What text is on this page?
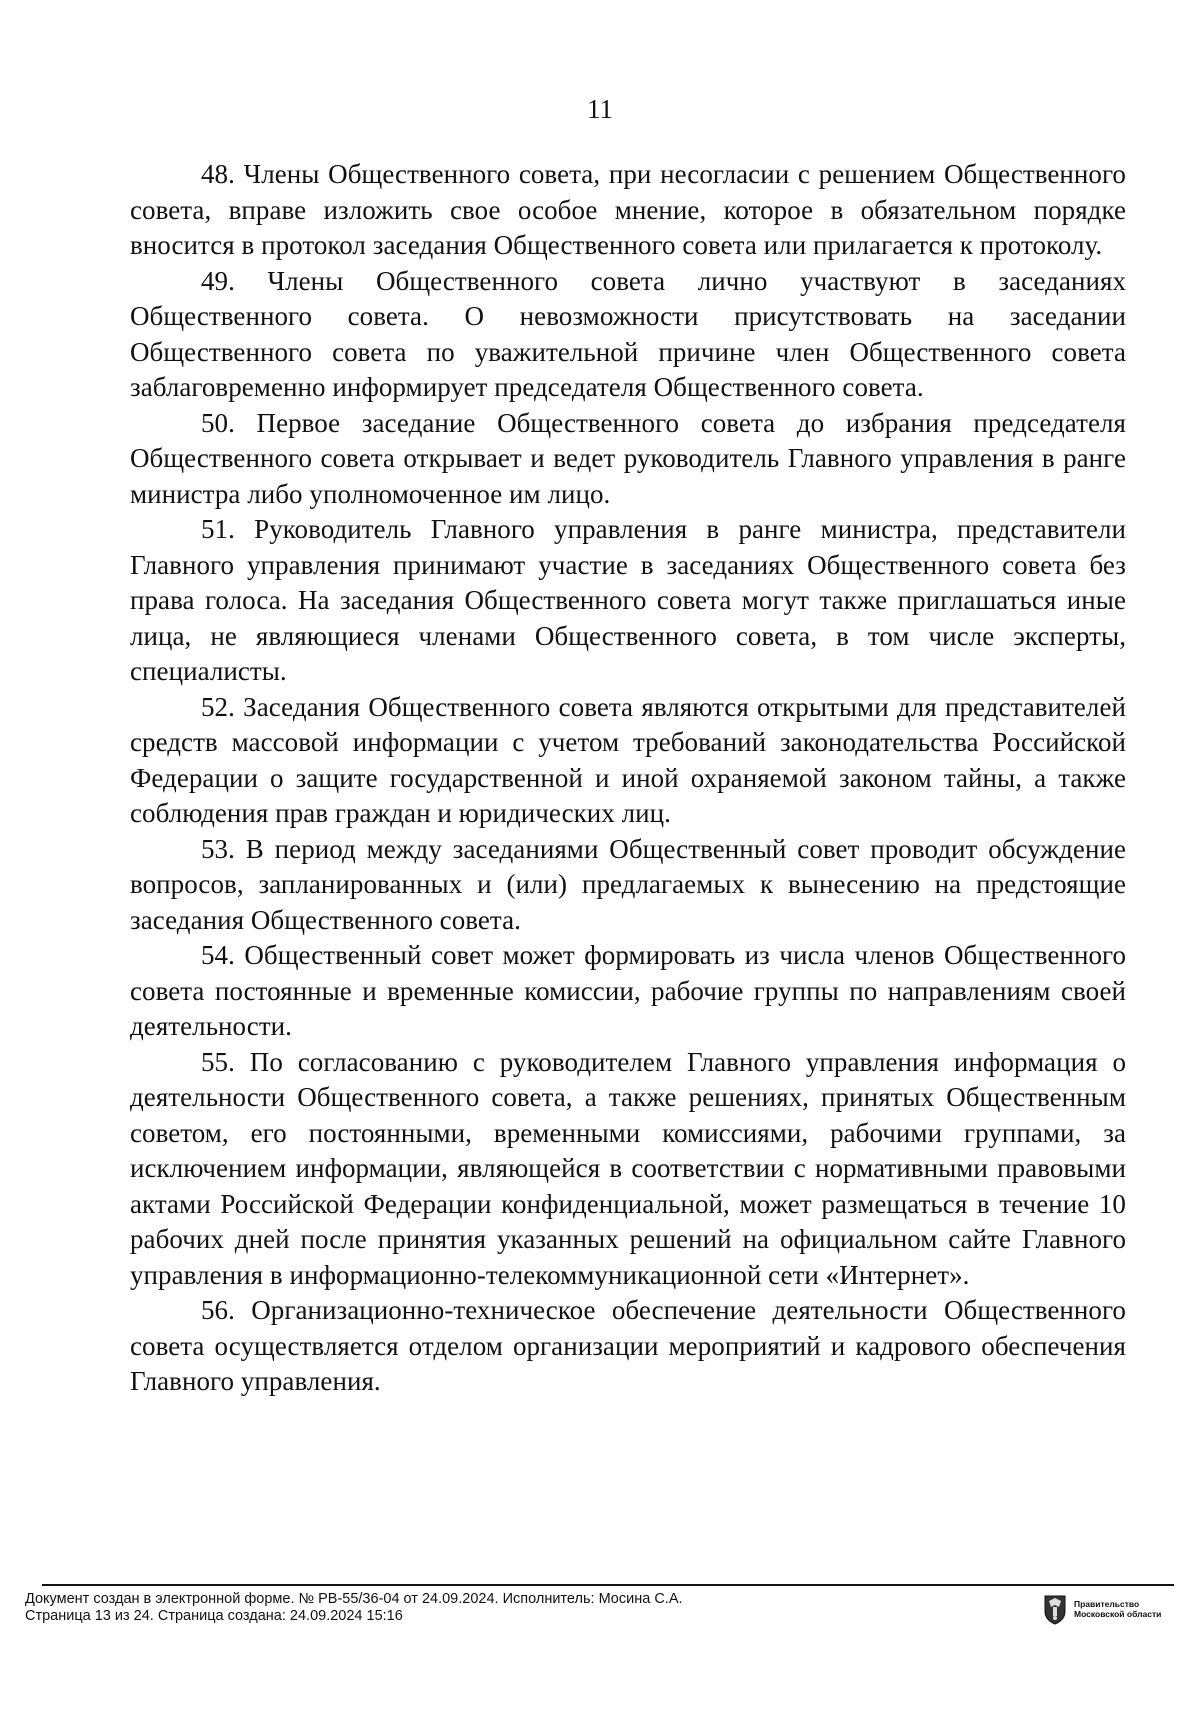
11

48. Члены Общественного совета, при несогласии с решением Общественного совета, вправе изложить свое особое мнение, которое в обязательном порядке вносится в протокол заседания Общественного совета или прилагается к протоколу.

49. Члены Общественного совета лично участвуют в заседаниях Общественного совета. О невозможности присутствовать на заседании Общественного совета по уважительной причине член Общественного совета заблаговременно информирует председателя Общественного совета.

50. Первое заседание Общественного совета до избрания председателя Общественного совета открывает и ведет руководитель Главного управления в ранге министра либо уполномоченное им лицо.

51. Руководитель Главного управления в ранге министра, представители Главного управления принимают участие в заседаниях Общественного совета без права голоса. На заседания Общественного совета могут также приглашаться иные лица, не являющиеся членами Общественного совета, в том числе эксперты, специалисты.

52. Заседания Общественного совета являются открытыми для представителей средств массовой информации с учетом требований законодательства Российской Федерации о защите государственной и иной охраняемой законом тайны, а также соблюдения прав граждан и юридических лиц.

53. В период между заседаниями Общественный совет проводит обсуждение вопросов, запланированных и (или) предлагаемых к вынесению на предстоящие заседания Общественного совета.

54. Общественный совет может формировать из числа членов Общественного совета постоянные и временные комиссии, рабочие группы по направлениям своей деятельности.

55. По согласованию с руководителем Главного управления информация о деятельности Общественного совета, а также решениях, принятых Общественным советом, его постоянными, временными комиссиями, рабочими группами, за исключением информации, являющейся в соответствии с нормативными правовыми актами Российской Федерации конфиденциальной, может размещаться в течение 10 рабочих дней после принятия указанных решений на официальном сайте Главного управления в информационно-телекоммуникационной сети «Интернет».

56. Организационно-техническое обеспечение деятельности Общественного совета осуществляется отделом организации мероприятий и кадрового обеспечения Главного управления.

Документ создан в электронной форме. № РВ-55/36-04 от 24.09.2024. Исполнитель: Мосина С.А.
Страница 13 из 24. Страница создана: 24.09.2024 15:16
Правительство
Московской области
